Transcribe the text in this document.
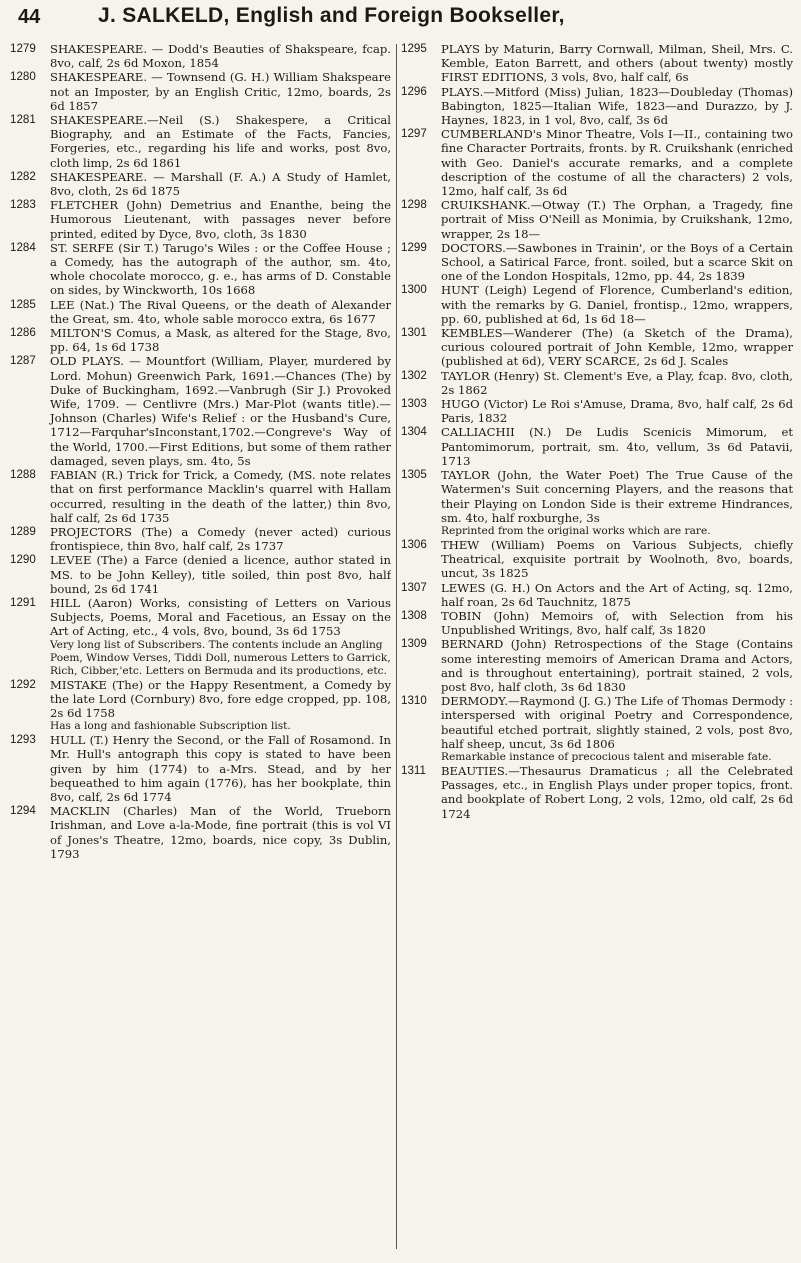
44	J. SALKELD, English and Foreign Bookseller,
1279	SHAKESPEARE. — Dodd's Beauties of Shakspeare, fcap. 8vo, calf, 2s 6d Moxon, 1854
1280	SHAKESPEARE. — Townsend (G. H.) William Shakspeare not an Imposter, by an English Critic, 12mo, boards, 2s 6d 1857
1281	SHAKESPEARE.—Neil (S.) Shakespere, a Critical Biography, and an Estimate of the Facts, Fancies, Forgeries, etc., regarding his life and works, post 8vo, cloth limp, 2s 6d 1861
1282	SHAKESPEARE. — Marshall (F. A.) A Study of Hamlet, 8vo, cloth, 2s 6d 1875
1283	FLETCHER (John) Demetrius and Enanthe, being the Humorous Lieutenant, with passages never before printed, edited by Dyce, 8vo, cloth, 3s 1830
1284	ST. SERFE (Sir T.) Tarugo's Wiles : or the Coffee House ; a Comedy, has the autograph of the author, sm. 4to, whole chocolate morocco, g. e., has arms of D. Constable on sides, by Winckworth, 10s 1668
1285	LEE (Nat.) The Rival Queens, or the death of Alexander the Great, sm. 4to, whole sable morocco extra, 6s 1677
1286	MILTON'S Comus, a Mask, as altered for the Stage, 8vo, pp. 64, 1s 6d 1738
1287	OLD PLAYS. — Mountfort (William, Player, murdered by Lord. Mohun) Greenwich Park, 1691.—Chances (The) by Duke of Buckingham, 1692.—Vanbrugh (Sir J.) Provoked Wife, 1709. — Centlivre (Mrs.) Mar-Plot (wants title).—Johnson (Charles) Wife's Relief : or the Husband's Cure, 1712—Farquhar'sInconstant,1702.—Congreve's Way of the World, 1700.—First Editions, but some of them rather damaged, seven plays, sm. 4to, 5s
1288	FABIAN (R.) Trick for Trick, a Comedy, (MS. note relates that on first performance Macklin's quarrel with Hallam occurred, resulting in the death of the latter,) thin 8vo, half calf, 2s 6d 1735
1289	PROJECTORS (The) a Comedy (never acted) curious frontispiece, thin 8vo, half calf, 2s 1737
1290	LEVEE (The) a Farce (denied a licence, author stated in MS. to be John Kelley), title soiled, thin post 8vo, half bound, 2s 6d 1741
1291	HILL (Aaron) Works, consisting of Letters on Various Subjects, Poems, Moral and Facetious, an Essay on the Art of Acting, etc., 4 vols, 8vo, bound, 3s 6d 1753
Very long list of Subscribers. The contents include an Angling Poem, Window Verses, Tiddi Doll, numerous Letters to Garrick, Rich, Cibber,'etc. Letters on Bermuda and its productions, etc.
1292	MISTAKE (The) or the Happy Resentment, a Comedy by the late Lord (Cornbury) 8vo, fore edge cropped, pp. 108, 2s 6d 1758
Has a long and fashionable Subscription list.
1293	HULL (T.) Henry the Second, or the Fall of Rosamond. In Mr. Hull's antograph this copy is stated to have been given by him (1774) to a-Mrs. Stead, and by her bequeathed to him again (1776), has her bookplate, thin 8vo, calf, 2s 6d 1774
1294	MACKLIN (Charles) Man of the World, Trueborn Irishman, and Love a-la-Mode, fine portrait (this is vol VI of Jones's Theatre, 12mo, boards, nice copy, 3s Dublin, 1793
1295	PLAYS by Maturin, Barry Cornwall, Milman, Sheil, Mrs. C. Kemble, Eaton Barrett, and others (about twenty) mostly FIRST EDITIONS, 3 vols, 8vo, half calf, 6s
1296	PLAYS.—Mitford (Miss) Julian, 1823—Doubleday (Thomas) Babington, 1825—Italian Wife, 1823—and Durazzo, by J. Haynes, 1823, in 1 vol, 8vo, calf, 3s 6d
1297	CUMBERLAND's Minor Theatre, Vols I—II., containing two fine Character Portraits, fronts. by R. Cruikshank (enriched with Geo. Daniel's accurate remarks, and a complete description of the costume of all the characters) 2 vols, 12mo, half calf, 3s 6d
1298	CRUIKSHANK.—Otway (T.) The Orphan, a Tragedy, fine portrait of Miss O'Neill as Monimia, by Cruikshank, 12mo, wrapper, 2s 18—
1299	DOCTORS.—Sawbones in Trainin', or the Boys of a Certain School, a Satirical Farce, front. soiled, but a scarce Skit on one of the London Hospitals, 12mo, pp. 44, 2s 1839
1300	HUNT (Leigh) Legend of Florence, Cumberland's edition, with the remarks by G. Daniel, frontisp., 12mo, wrappers, pp. 60, published at 6d, 1s 6d 18—
1301	KEMBLES—Wanderer (The) (a Sketch of the Drama), curious coloured portrait of John Kemble, 12mo, wrapper (published at 6d), VERY SCARCE, 2s 6d J. Scales
1302	TAYLOR (Henry) St. Clement's Eve, a Play, fcap. 8vo, cloth, 2s 1862
1303	HUGO (Victor) Le Roi s'Amuse, Drama, 8vo, half calf, 2s 6d Paris, 1832
1304	CALLIACHII (N.) De Ludis Scenicis Mimorum, et Pantomimorum, portrait, sm. 4to, vellum, 3s 6d Patavii, 1713
1305	TAYLOR (John, the Water Poet) The True Cause of the Watermen's Suit concerning Players, and the reasons that their Playing on London Side is their extreme Hindrances, sm. 4to, half roxburghe, 3s
Reprinted from the original works which are rare.
1306	THEW (William) Poems on Various Subjects, chiefly Theatrical, exquisite portrait by Woolnoth, 8vo, boards, uncut, 3s 1825
1307	LEWES (G. H.) On Actors and the Art of Acting, sq. 12mo, half roan, 2s 6d Tauchnitz, 1875
1308	TOBIN (John) Memoirs of, with Selection from his Unpublished Writings, 8vo, half calf, 3s 1820
1309	BERNARD (John) Retrospections of the Stage (Contains some interesting memoirs of American Drama and Actors, and is throughout entertaining), portrait stained, 2 vols, post 8vo, half cloth, 3s 6d 1830
1310	DERMODY.—Raymond (J. G.) The Life of Thomas Dermody : interspersed with original Poetry and Correspondence, beautiful etched portrait, slightly stained, 2 vols, post 8vo, half sheep, uncut, 3s 6d 1806
Remarkable instance of precocious talent and miserable fate.
1311	BEAUTIES.—Thesaurus Dramaticus ; all the Celebrated Passages, etc., in English Plays under proper topics, front. and bookplate of Robert Long, 2 vols, 12mo, old calf, 2s 6d 1724
